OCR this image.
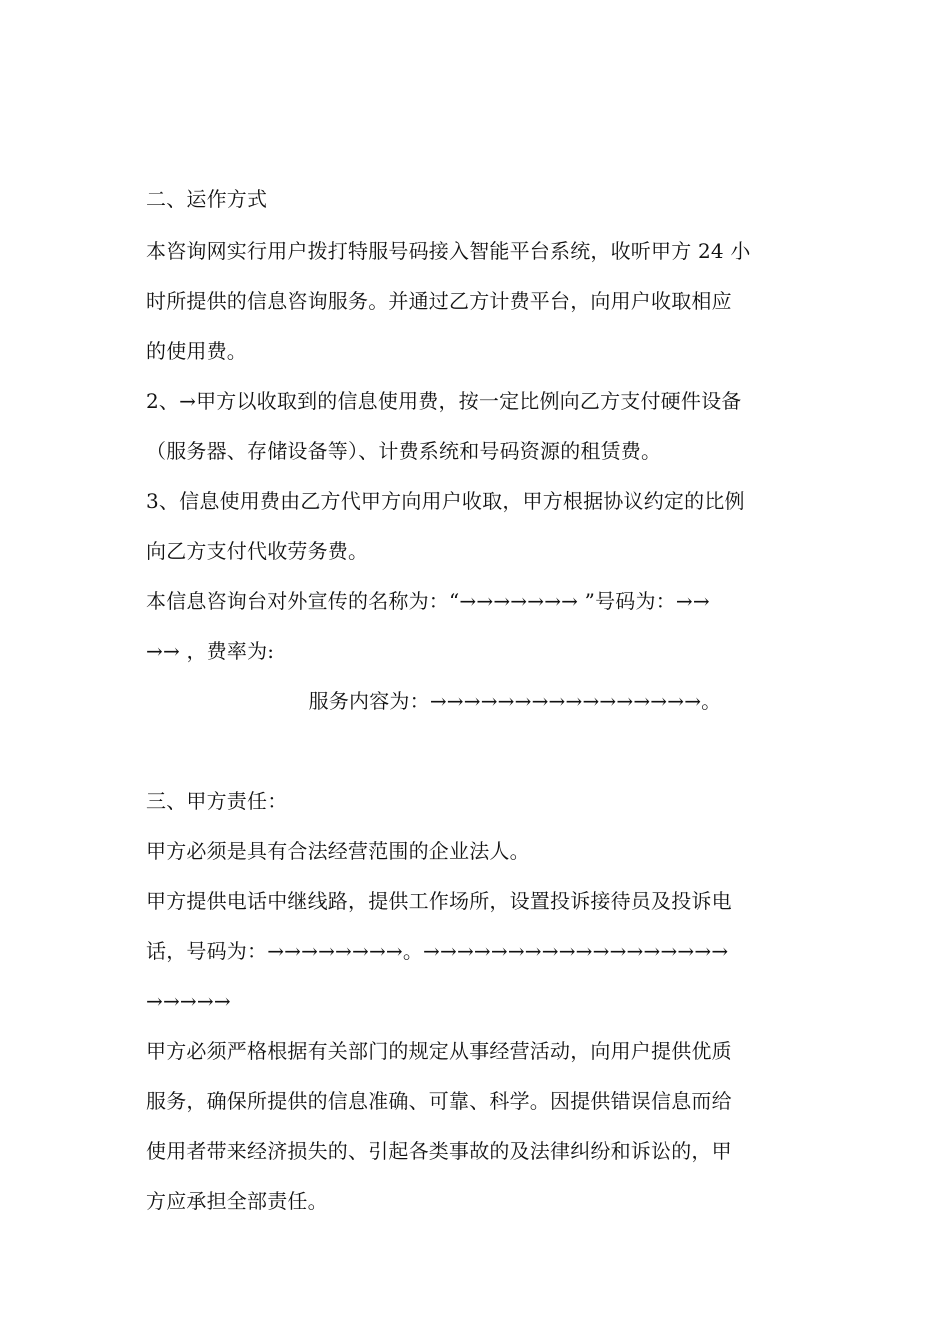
二、运作方式
本咨询网实行用户拨打特服号码接入智能平台系统，收听甲方 24 小
时所提供的信息咨询服务。并通过乙方计费平台，向用户收取相应
的使用费。
2、→甲方以收取到的信息使用费，按一定比例向乙方支付硬件设备
（服务器、存储设备等）、计费系统和号码资源的租赁费。
3、信息使用费由乙方代甲方向用户收取，甲方根据协议约定的比例
向乙方支付代收劳务费。
本信息咨询台对外宣传的名称为：“→→→→→→→ ”号码为：→→
→→ ，费率为:
服务内容为：→→→→→→→→→→→→→→→→。
三、甲方责任：
甲方必须是具有合法经营范围的企业法人。
甲方提供电话中继线路，提供工作场所，设置投诉接待员及投诉电
话，号码为：→→→→→→→→。→→→→→→→→→→→→→→→→→→
→→→→→
甲方必须严格根据有关部门的规定从事经营活动，向用户提供优质
服务，确保所提供的信息准确、可靠、科学。因提供错误信息而给
使用者带来经济损失的、引起各类事故的及法律纠纷和诉讼的，甲
方应承担全部责任。
